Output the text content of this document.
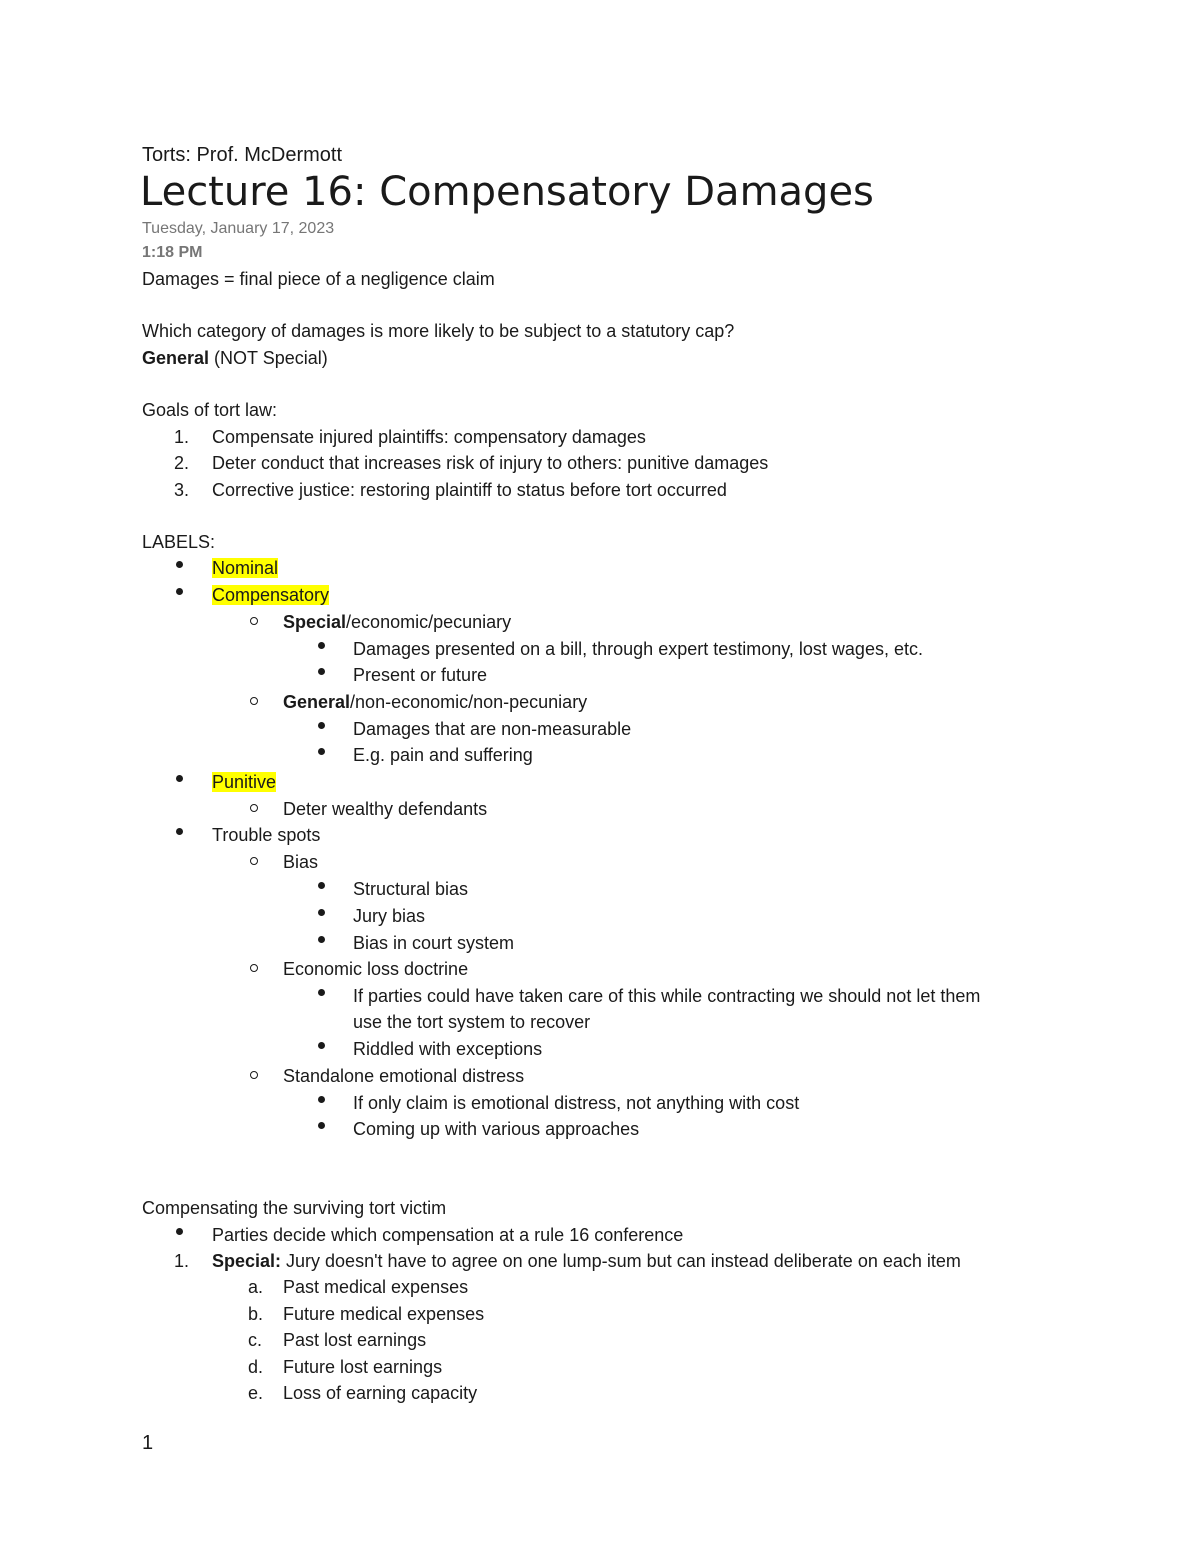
Torts: Prof. McDermott
Lecture 16: Compensatory Damages
Tuesday, January 17, 2023
1:18 PM
Damages = final piece of a negligence claim
Which category of damages is more likely to be subject to a statutory cap?
General (NOT Special)
Goals of tort law:
1. Compensate injured plaintiffs: compensatory damages
2. Deter conduct that increases risk of injury to others: punitive damages
3. Corrective justice: restoring plaintiff to status before tort occurred
LABELS:
Nominal
Compensatory
Special/economic/pecuniary
Damages presented on a bill, through expert testimony, lost wages, etc.
Present or future
General/non-economic/non-pecuniary
Damages that are non-measurable
E.g. pain and suffering
Punitive
Deter wealthy defendants
Trouble spots
Bias
Structural bias
Jury bias
Bias in court system
Economic loss doctrine
If parties could have taken care of this while contracting we should not let them
use the tort system to recover
Riddled with exceptions
Standalone emotional distress
If only claim is emotional distress, not anything with cost
Coming up with various approaches
Compensating the surviving tort victim
Parties decide which compensation at a rule 16 conference
1. Special: Jury doesn't have to agree on one lump-sum but can instead deliberate on each item
a. Past medical expenses
b. Future medical expenses
c. Past lost earnings
d. Future lost earnings
e. Loss of earning capacity
1
